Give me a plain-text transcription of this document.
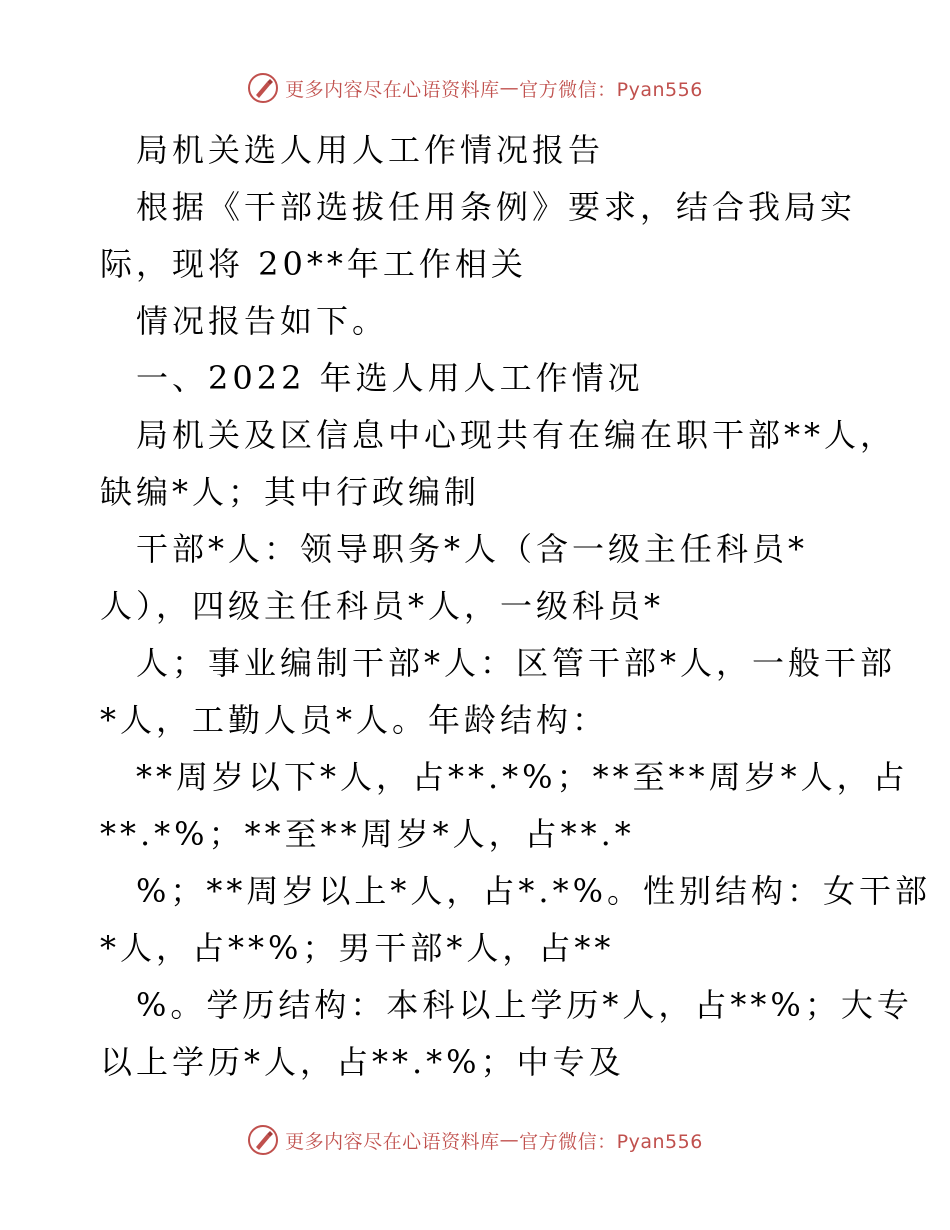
更多内容尽在心语资料库 — 官方微信：Pyan556
局机关选人用人工作情况报告
根据《干部选拔任用条例》要求，结合我局实
际，现将 20**年工作相关
情况报告如下。
一、2022 年选人用人工作情况
局机关及区信息中心现共有在编在职干部**人，
缺编*人；其中行政编制
干部*人：领导职务*人（含一级主任科员*
人），四级主任科员*人，一级科员*
人；事业编制干部*人：区管干部*人，一般干部
*人，工勤人员*人。年龄结构：
**周岁以下*人，占**.*%；**至**周岁*人，占
**.*%；**至**周岁*人，占**.*
%；**周岁以上*人，占*.*%。性别结构：女干部
*人，占**%；男干部*人，占**
%。学历结构：本科以上学历*人，占**%；大专
以上学历*人，占**.*%；中专及
更多内容尽在心语资料库 — 官方微信：Pyan556
